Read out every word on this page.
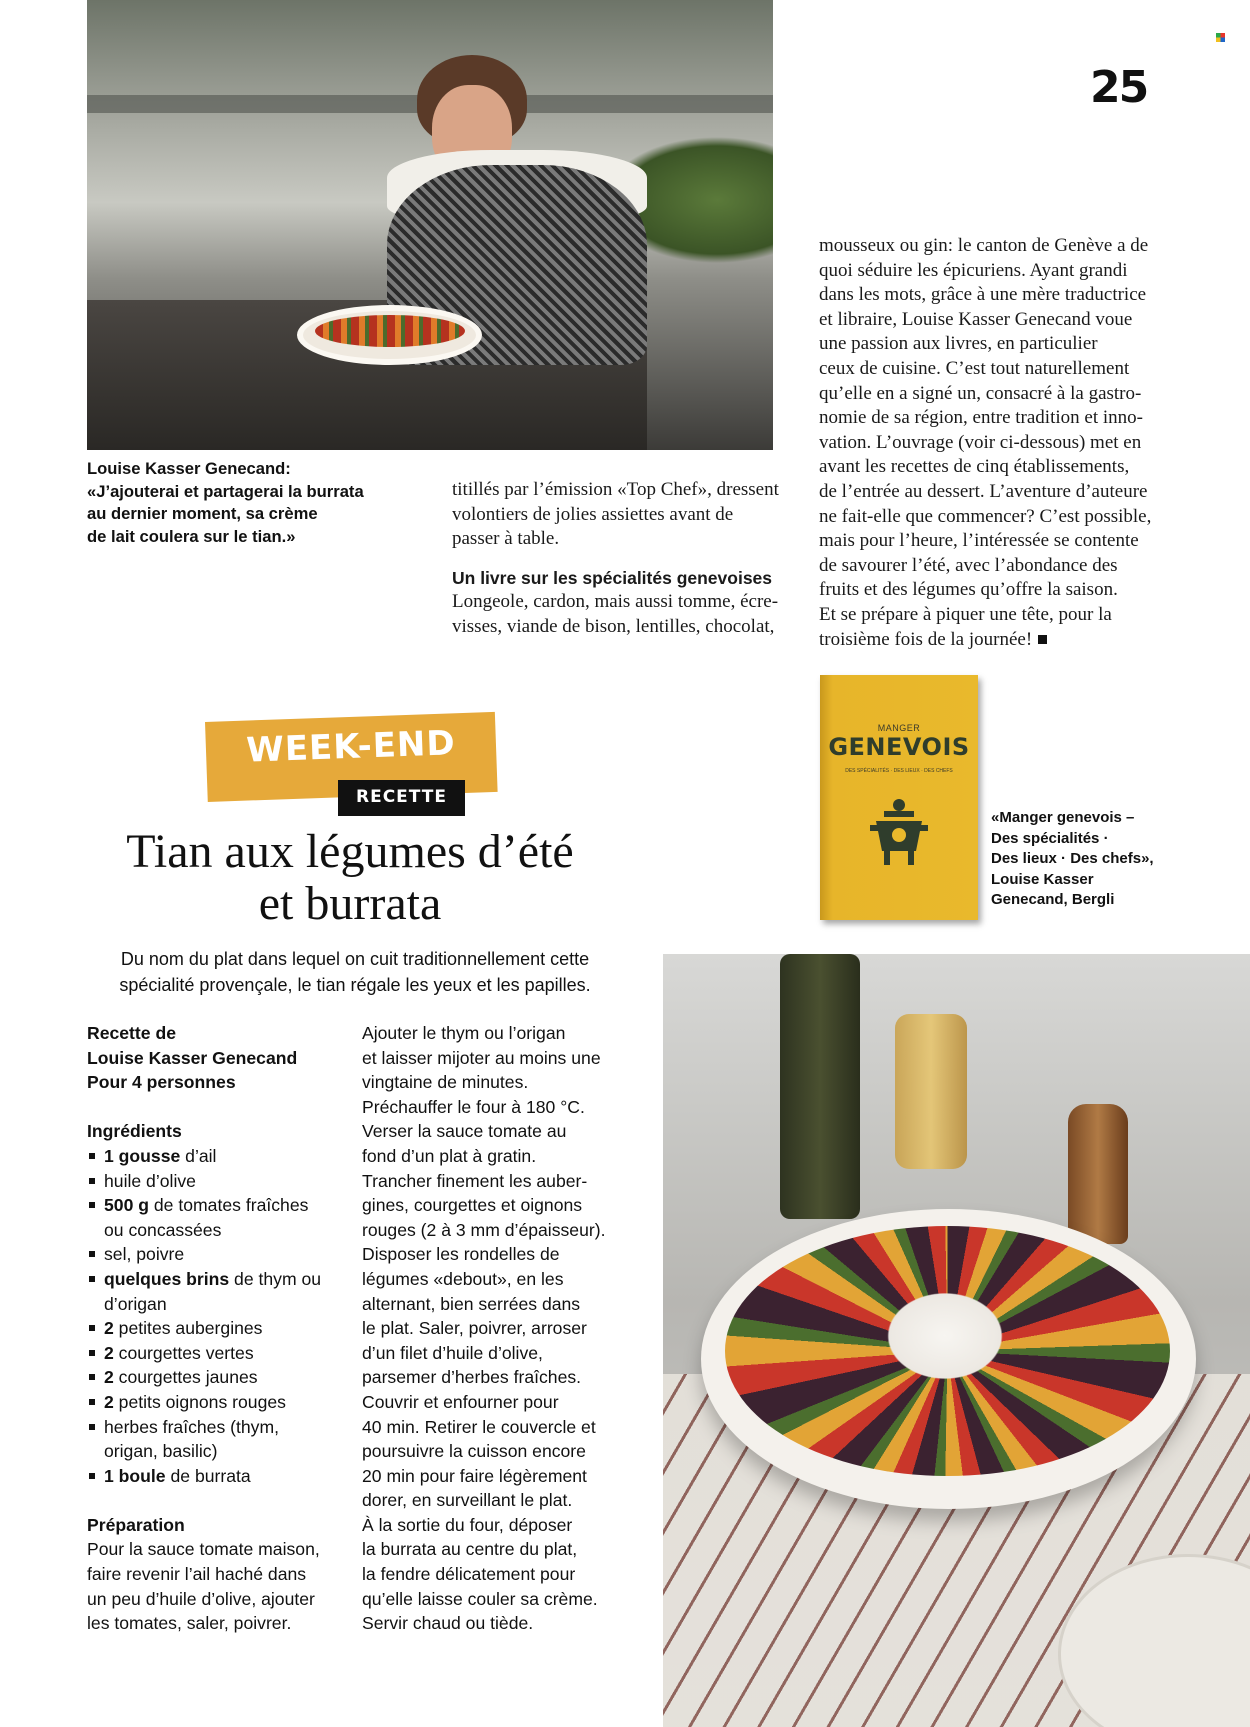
25
Louise Kasser Genecand:
«J’ajouterai et partagerai la burrata
au dernier moment, sa crème
de lait coulera sur le tian.»
titillés par l’émission «Top Chef», dressent
volontiers de jolies assiettes avant de
passer à table.
Un livre sur les spécialités genevoises
Longeole, cardon, mais aussi tomme, écre-
visses, viande de bison, lentilles, chocolat,
mousseux ou gin: le canton de Genève a de
quoi séduire les épicuriens. Ayant grandi
dans les mots, grâce à une mère traductrice
et libraire, Louise Kasser Genecand voue
une passion aux livres, en particulier
ceux de cuisine. C’est tout naturellement
qu’elle en a signé un, consacré à la gastro-
nomie de sa région, entre tradition et inno-
vation. L’ouvrage (voir ci-dessous) met en
avant les recettes de cinq établissements,
de l’entrée au dessert. L’aventure d’auteure
ne fait-elle que commencer? C’est possible,
mais pour l’heure, l’intéressée se contente
de savourer l’été, avec l’abondance des
fruits et des légumes qu’offre la saison.
Et se prépare à piquer une tête, pour la
troisième fois de la journée!
MANGER
GENEVOIS
DES SPÉCIALITÉS · DES LIEUX · DES CHEFS
«Manger genevois –
Des spécialités ·
Des lieux · Des chefs»,
Louise Kasser
Genecand, Bergli
WEEK-END
RECETTE
Tian aux légumes d’été
et burrata
Du nom du plat dans lequel on cuit traditionnellement cette
spécialité provençale, le tian régale les yeux et les papilles.
Recette de
Louise Kasser Genecand
Pour 4 personnes
Ingrédients
1 gousse d’ail
huile d’olive
500 g de tomates fraîches
ou concassées
sel, poivre
quelques brins de thym ou
d’origan
2 petites aubergines
2 courgettes vertes
2 courgettes jaunes
2 petits oignons rouges
herbes fraîches (thym,
origan, basilic)
1 boule de burrata
Préparation
Pour la sauce tomate maison,
faire revenir l’ail haché dans
un peu d’huile d’olive, ajouter
les tomates, saler, poivrer.
Ajouter le thym ou l’origan
et laisser mijoter au moins une
vingtaine de minutes.
Préchauffer le four à 180 °C.
Verser la sauce tomate au
fond d’un plat à gratin.
Trancher finement les auber-
gines, courgettes et oignons
rouges (2 à 3 mm d’épaisseur).
Disposer les rondelles de
légumes «debout», en les
alternant, bien serrées dans
le plat. Saler, poivrer, arroser
d’un filet d’huile d’olive,
parsemer d’herbes fraîches.
Couvrir et enfourner pour
40 min. Retirer le couvercle et
poursuivre la cuisson encore
20 min pour faire légèrement
dorer, en surveillant le plat.
À la sortie du four, déposer
la burrata au centre du plat,
la fendre délicatement pour
qu’elle laisse couler sa crème.
Servir chaud ou tiède.
